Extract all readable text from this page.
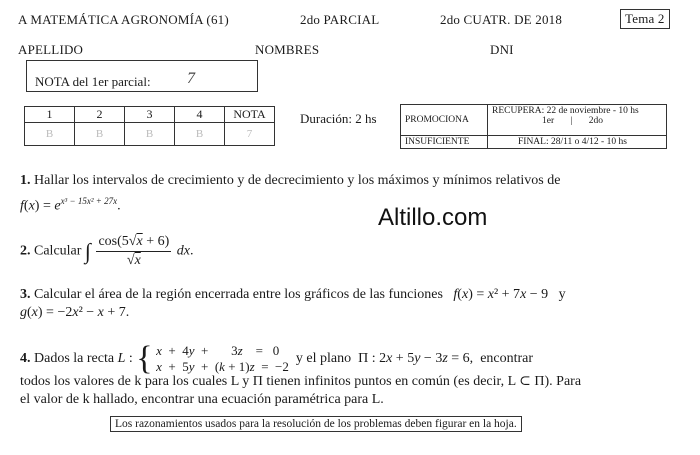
A MATEMÁTICA AGRONOMÍA (61)	2do PARCIAL	2do CUATR. DE 2018	Tema 2
APELLIDO	NOMBRES	DNI
NOTA del 1er parcial: 7
1	2	3	4	NOTA
B	B	B	B	7
Duración: 2 hs	PROMOCIONA	RECUPERA: 22 de noviembre - 10 hs
1er | 2do

INSUFICIENTE	FINAL: 28/11 o 4/12 - 10 hs
Altillo.com
1. Hallar los intervalos de crecimiento y de decrecimiento y los máximos y mínimos relativos de
$f(x) = e^{x^3 - 15x^2 + 27x}$.
2. Calcular ∫ $\frac{\cos(5√x + 6)}{√x}$ dx.
3. Calcular el área de la región encerrada entre los gráficos de las funciones f(x) = x² + 7x − 9   y
g(x) = −2x² − x + 7.
4. Dados la recta L : { x  +  4y  +       3z    =   0
x  +  5y  +  (k + 1)z  =  −2  y el plano  Π : 2x + 5y − 3z = 6,  encontrar
todos los valores de k para los cuales L y Π tienen infinitos puntos en común (es decir, L ⊂ Π). Para
el valor de k hallado, encontrar una ecuación paramétrica para L.
Los razonamientos usados para la resolución de los problemas deben figurar en la hoja.
